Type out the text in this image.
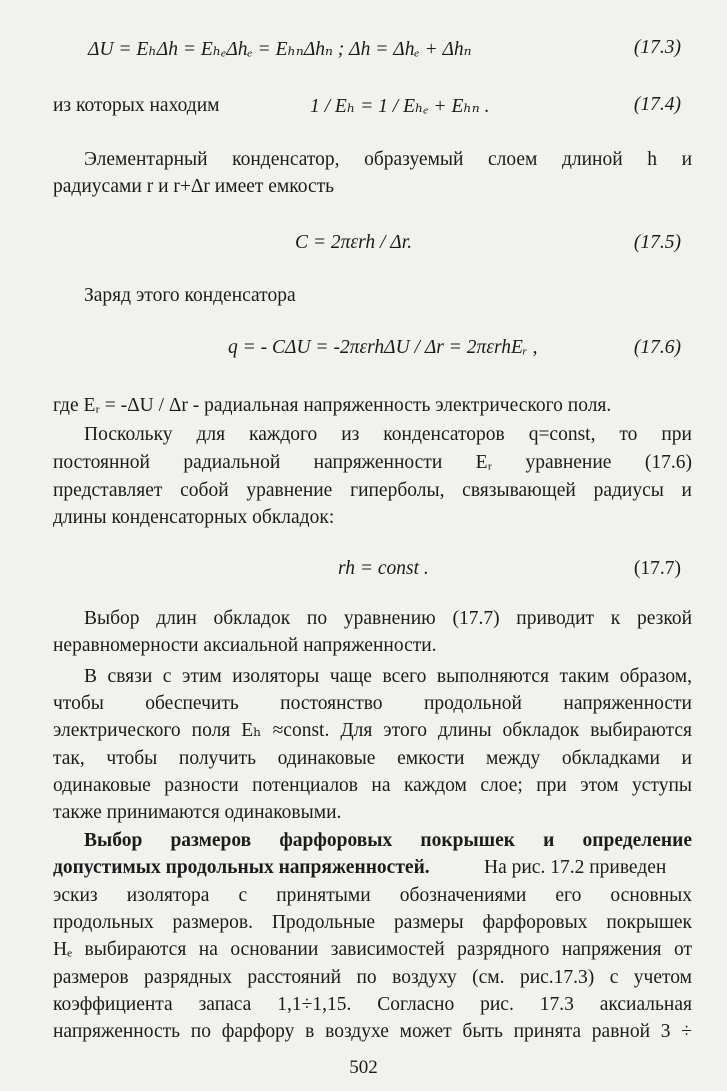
ΔU = EₕΔh = EₕₑΔhₑ = EₕₙΔhₙ ; Δh = Δhₑ + Δhₙ	(17.3)
из которых находим	1 / Eₕ = 1 / Eₕₑ + Eₕₙ .	(17.4)
Элементарный конденсатор, образуемый слоем длиной h и
радиусами r и r+Δr имеет емкость
C = 2πεrh / Δr.	(17.5)
Заряд этого конденсатора
q = - CΔU = -2πεrhΔU / Δr = 2πεrhEᵣ ,	(17.6)
где Eᵣ = -ΔU / Δr - радиальная напряженность электрического поля.
Поскольку для каждого из конденсаторов q=const, то при
постоянной радиальной напряженности Eᵣ уравнение (17.6)
представляет собой уравнение гиперболы, связывающей радиусы и
длины конденсаторных обкладок:
rh = const .	(17.7)
Выбор длин обкладок по уравнению (17.7) приводит к резкой
неравномерности аксиальной напряженности.
В связи с этим изоляторы чаще всего выполняются таким образом,
чтобы обеспечить постоянство продольной напряженности
электрического поля Eₕ ≈const. Для этого длины обкладок выбираются
так, чтобы получить одинаковые емкости между обкладками и
одинаковые разности потенциалов на каждом слое; при этом уступы
также принимаются одинаковыми.
Выбор размеров фарфоровых покрышек и определение
допустимых продольных напряженностей.	На рис. 17.2 приведен
эскиз изолятора с принятыми обозначениями его основных
продольных размеров. Продольные размеры фарфоровых покрышек
Hₑ выбираются на основании зависимостей разрядного напряжения от
размеров разрядных расстояний по воздуху (см. рис.17.3) с учетом
коэффициента запаса 1,1÷1,15. Согласно рис. 17.3 аксиальная
напряженность по фарфору в воздухе может быть принята равной 3 ÷
502
